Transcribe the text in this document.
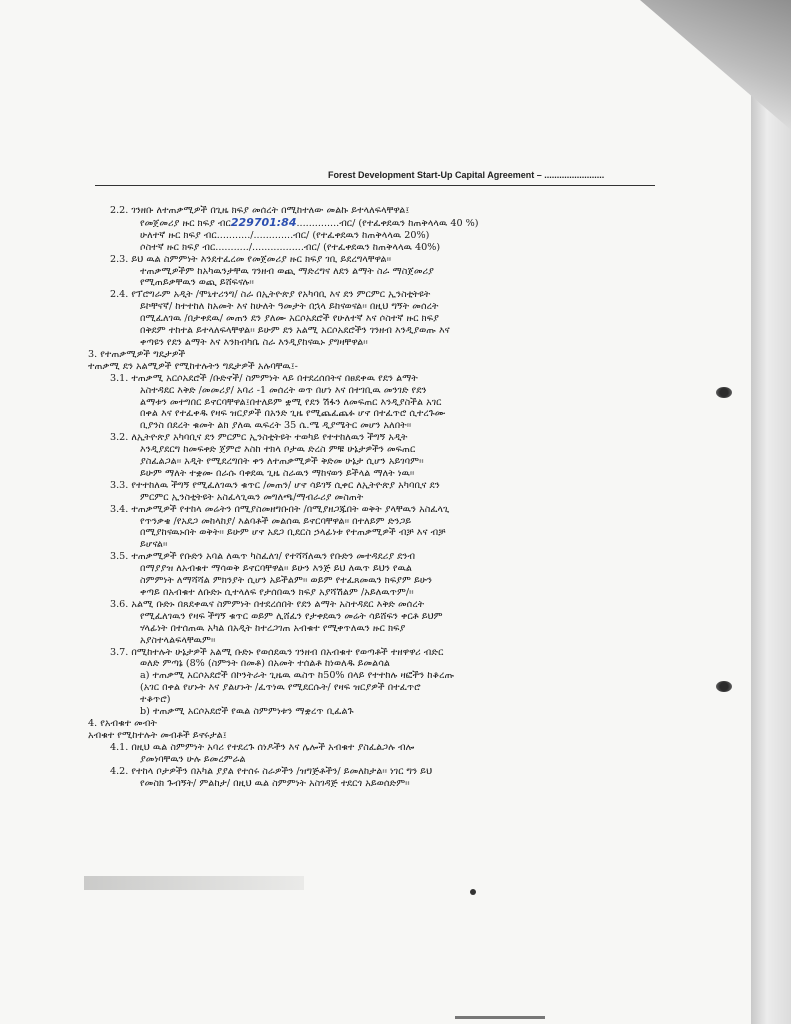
Forest Development Start-Up Capital Agreement – ........................
2.2. ገንዘቡ ለተጠቃሚዎች በጊዜ ክፍያ መሰረት በሚከተለው መልኩ ይተላለፍላቸዋል፤
የመጀመሪያ ዙር ክፍያ ብር229701:84..............ብር/ (የተፈቀደዉን ከጠቅላላዉ 40 %)
ሁለተኛ ዙር ክፍያ ብር.........../.............ብር/ (የተፈቀደዉን ከጠቅላላዉ 20%)
ሶስተኛ ዙር ክፍያ ብር.........../.................ብር/ (የተፈቀደዉን ከጠቅላላዉ 40%)
2.3. ይህ ዉል ስምምነት እንደተፈረመ የመጀመሪያ ዙር ክፍያ ገቢ ይደረግላቸዋል፡፡
ተጠቃሚዎችም ከአካዉንታቸዉ ገንዘብ ወጪ ማድረግና ለደን ልማት ስራ ማስጀመሪያ
የሚጠይቃቸዉን ወጪ ይሸፍናሉ፡፡
2.4. የፕሮግራም አዲት /ሞኒተሪንግ/ ስራ በኢትዮጵያ የአካባቢ እና ደን ምርምር ኢንስቲትዩት
ይኮቸናኛ/ ከተተከለ ከአመት እና ከሁለት ዓመታት በኋላ ይከናወናል፡፡ በዚህ ግኝት መሰረት
በሚፈለገዉ /በታቀደዉ/ መጠን ደን ያለሙ አርሶአደሮች የሁለተኛ እና ሶስተኛ ዙር ክፍያ
በቅደም ተከተል ይተላለፍላቸዋል፡፡ ይሁም ደን አልሚ አርሶአደሮችን ገንዘብ እንዲያወጡ እና
ቀጣዩን የደን ልማት እና እንክብካቤ ስራ እንዲያከናዉኑ ያግዛቸዋል፡፡
3. የተጠቃሚዎች ግዴታዎች
ተጠቃሚ ደን አልሚዎች የሚከተሉትን ግዴታዎች አሉባቸዉ፤-
3.1. ተጠቃሚ አርሶአደሮች /ቡድኖች/ ስምምነት ላይ በተደረሰበትና በፀደቀዉ የደን ልማት
አስተዳደር እቅድ /መመሪያ/ አባሪ -1 መሰረት ወጥ በሆነ እና በተገቢዉ መንገድ የደን
ልማቱን መተግበር ይኖርባቸዋል፤በተለይም ቋሚ የደን ሽፋን ለመፍጠር እንዲያስችል አገር
በቀል እና የተፈቀዱ የዛፍ ዝርያዎች በአንድ ጊዜ የሚጨፈጨፉ ሆኖ በተፈጥሮ ሲተረጉሙ
ቢያንስ በደረት ቁመት ልክ ያለዉ ዉፍረት 35 ሴ.ሜ ዲያሜትር መሆን አለበት፡፡
3.2. ለኢትዮጵያ አካባቢና ደን ምርምር ኢንስቲትዩት ተወካይ የተተከለዉን ችግኝ አዲት
እንዲያደርግ ከመፍቀድ ጀምሮ እስከ ተክላ ቦታዉ ድረስ ምቹ ሁኔታዎችን መፍጠር
ያስፈልጋል፡፡ አዲት የሚደረግበት ቀን ለተጠቃሚዎች ቅድመ ሁኔታ ሲሆን አይገባም፡፡
ይሁም ማለት ተቋሙ በራሱ ባቀደዉ ጊዜ ስራዉን ማከናወን ይችላል ማለት ነዉ፡፡
3.3. የተተከለዉ ችግኝ የሚፈለገዉን ቁጥር /መጠን/ ሆኖ ሳይገኝ ሲቀር ለኢትዮጵያ አካባቢና ደን
ምርምር ኢንስቲትዩት አስፈላጊዉን መግለጫ/ማብራሪያ መስጠት
3.4. ተጠቃሚዎች የተከላ መሬትን በሚያስመዘግቡበት /በሚያዘጋጁበት ወቅት ያላቸዉን አስፈላጊ
የጥንቃቄ /የአደጋ መከላከያ/ እልባቶች መልሰዉ ይኖርባቸዋል፡፡ በተለይም ድንጋይ
በሚያከናዉኑበት ወቅት፡፡ ይሁም ሆኖ አደጋ ቢደርስ ኃላፊነቱ የተጠቃሚዎች ብቻ እና ብቻ
ይሆናል፡፡
3.5. ተጠቃሚዎች የቡድን አባል ለዉጥ ካስፈለገ/ የተሻሻለዉን የቡድን መተዳደሪያ ደንብ
በማያያዝ ለአብቁተ ማሳወቅ ይኖርባቸዋል፡፡ ይሁን እንጅ ይህ ለዉጥ ይህን የዉል
ስምምነት ለማሻሻል ምክንያት ሲሆን አይችልም፡፡ ወይም የተፈጸመዉን ክፍያም ይሁን
ቀጣይ በአብቁተ ለቡድኑ ሲተላለፍ የታሰበዉን ክፍያ አያሻሽልም /አይለዉጥም/፡፡
3.6. አልሚ ቡድኑ በጸደቀዉና ስምምነት በተደረሰበት የደን ልማት አስተዳደር እቅድ መሰረት
የሚፈለገዉን የዛፍ ችግኝ ቁጥር ወይም ሊሸፈን የታቀደዉን መሬት ሳይሸፍን ቀርቶ ይህም
ሃላፊነት በተሰጠዉ አካል በአዲት ከተረጋገጠ አብቁተ የሚቀጥለዉን ዙር ክፍያ
አያስተላልፍላቸዉም፡፡
3.7. በሚከተሉት ሁኔታዎች አልሚ ቡድኑ የወሰደዉን ገንዘብ በአብቁተ የወጣቶች ተዘዋዋሪ ብድር
ወለድ ምጣኔ (8% (ስምንት በመቶ) በአመት ተሰልቶ ከነወለዱ ይመልሳል
a) ተጠቃሚ አርሶአደሮች በኮንትራት ጊዜዉ ዉስጥ ከ50% በላይ የተተከሉ ዛፎችን ከቆረጡ
(አገር በቀል የሆኑት እና ያልሆኑት /ፈጥነዉ የሚደርሱት/ የዛፍ ዝርያዎች በተፈጥሮ
ተቆጥሮ)
b) ተጠቃሚ አርሶአደሮች የዉል ስምምነቱን ማቋረጥ ቢፈልጉ
4. የአብቁተ መብት
አብቁተ የሚከተሉት መብቶች ይኖሩታል፤
4.1. በዚህ ዉል ስምምነት አባሪ የተደረጉ ሰነዶችን እና ሌሎች አብቁተ ያስፈልጋሉ ብሎ
ያመነባቸዉን ሁሉ ይመረምራል
4.2. የተከላ ቦታዎችን በአካል ያያል የተሰሩ ስራዎችን /ዝግጅቶችን/ ይመለከታል፡፡ ነገር ግን ይህ
የመስክ ጉብኝት/ ምልከታ/ በዚህ ዉል ስምምነት አስገዳጅ ተደርጎ አይወሰድም፡፡
